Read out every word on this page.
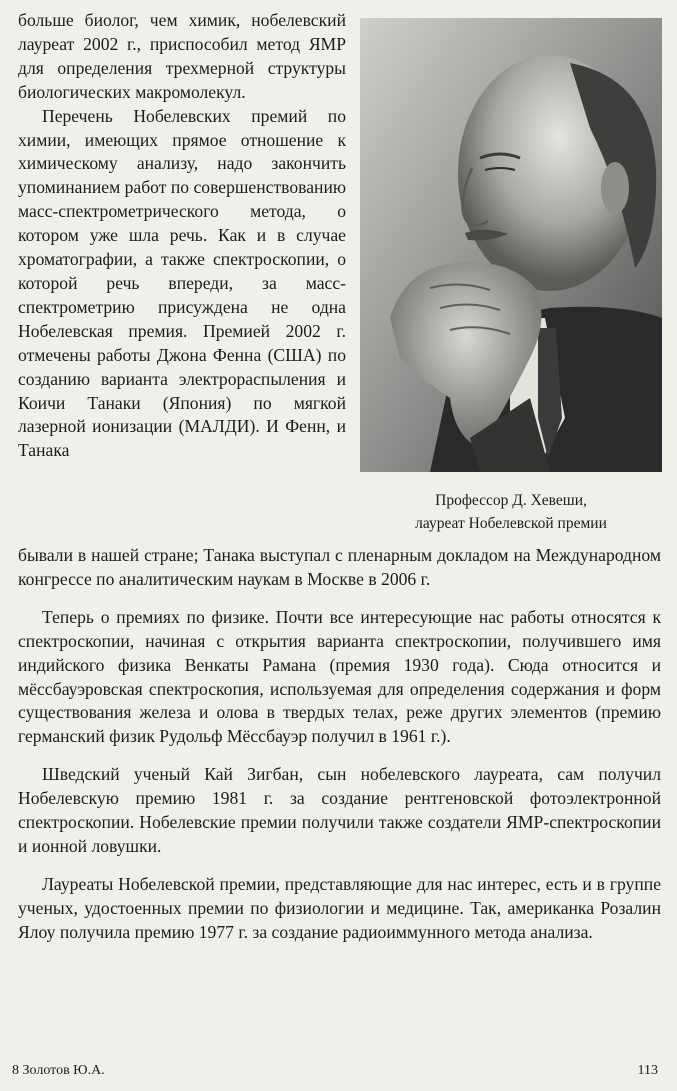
больше биолог, чем химик, нобелевский лауреат 2002 г., приспособил метод ЯМР для определения трехмерной структуры биологических макромолекул.

Перечень Нобелевских премий по химии, имеющих прямое отношение к химическому анализу, надо закончить упоминанием работ по совершенствованию масс-спектрометрического метода, о котором уже шла речь. Как и в случае хроматографии, а также спектроскопии, о которой речь впереди, за масс-спектрометрию присуждена не одна Нобелевская премия. Премией 2002 г. отмечены работы Джона Фенна (США) по созданию варианта электрораспыления и Коичи Танаки (Япония) по мягкой лазерной ионизации (МАЛДИ). И Фенн, и Танака

Профессор Д. Хевеши,
лауреат Нобелевской премии

бывали в нашей стране; Танака выступал с пленарным докладом на Международном конгрессе по аналитическим наукам в Москве в 2006 г.

Теперь о премиях по физике. Почти все интересующие нас работы относятся к спектроскопии, начиная с открытия варианта спектроскопии, получившего имя индийского физика Венкаты Рамана (премия 1930 года). Сюда относится и мёссбауэровская спектроскопия, используемая для определения содержания и форм существования железа и олова в твердых телах, реже других элементов (премию германский физик Рудольф Мёссбауэр получил в 1961 г.).

Шведский ученый Кай Зигбан, сын нобелевского лауреата, сам получил Нобелевскую премию 1981 г. за создание рентгеновской фотоэлектронной спектроскопии. Нобелевские премии получили также создатели ЯМР-спектроскопии и ионной ловушки.

Лауреаты Нобелевской премии, представляющие для нас интерес, есть и в группе ученых, удостоенных премии по физиологии и медицине. Так, американка Розалин Ялоу получила премию 1977 г. за создание радиоиммунного метода анализа.

8 Золотов Ю.А.	113
